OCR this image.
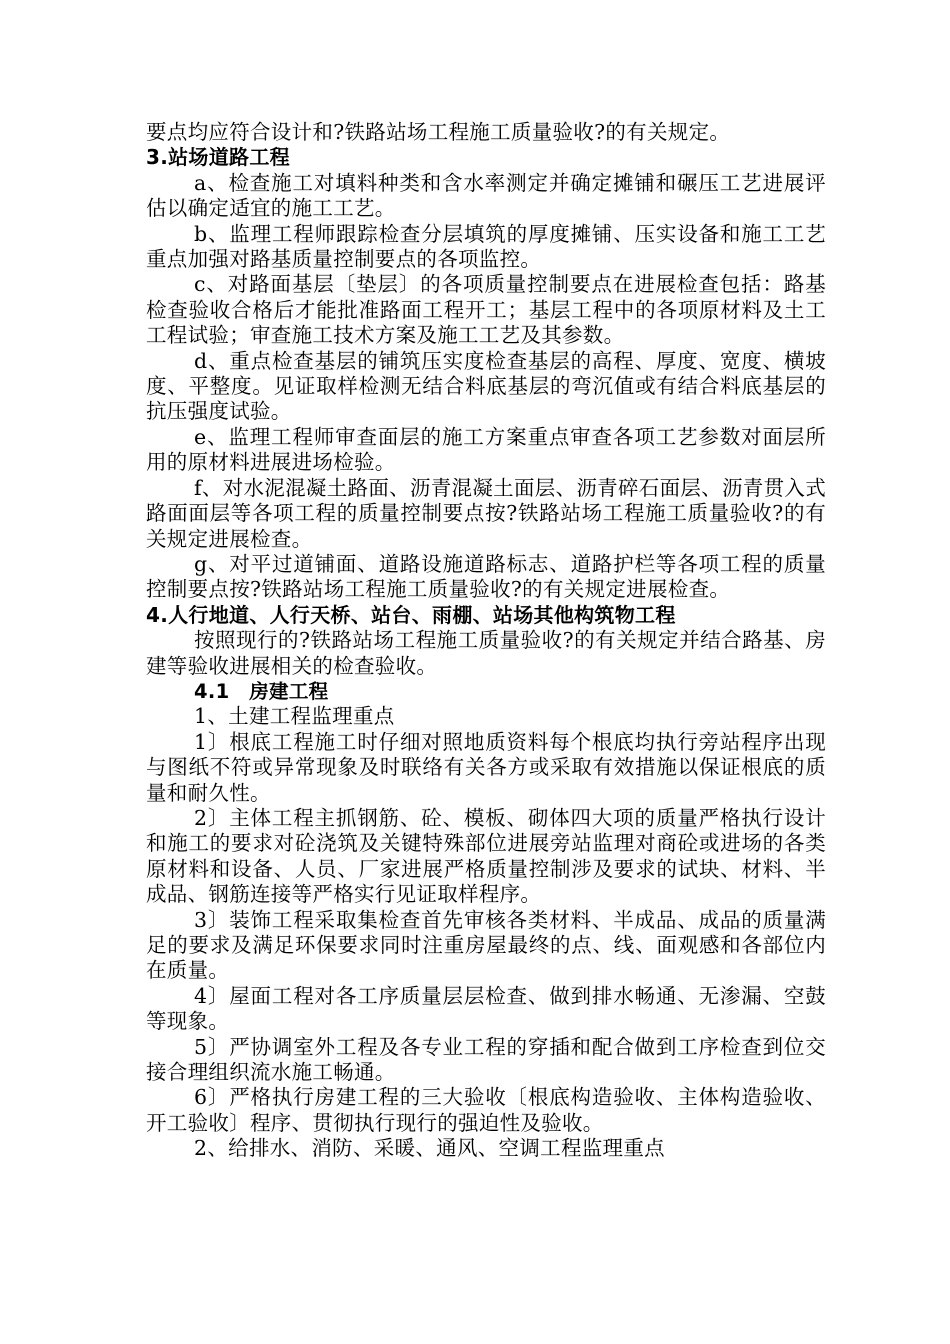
要点均应符合设计和?铁路站场工程施工质量验收?的有关规定。

3.站场道路工程

a、检查施工对填料种类和含水率测定并确定摊铺和碾压工艺进展评估以确定适宜的施工工艺。

b、监理工程师跟踪检查分层填筑的厚度摊铺、压实设备和施工工艺重点加强对路基质量控制要点的各项监控。

c、对路面基层〔垫层〕的各项质量控制要点在进展检查包括：路基检查验收合格后才能批准路面工程开工；基层工程中的各项原材料及土工工程试验；审查施工技术方案及施工工艺及其参数。

d、重点检查基层的铺筑压实度检查基层的高程、厚度、宽度、横坡度、平整度。见证取样检测无结合料底基层的弯沉值或有结合料底基层的抗压强度试验。

e、监理工程师审查面层的施工方案重点审查各项工艺参数对面层所用的原材料进展进场检验。

f、对水泥混凝土路面、沥青混凝土面层、沥青碎石面层、沥青贯入式路面面层等各项工程的质量控制要点按?铁路站场工程施工质量验收?的有关规定进展检查。

g、对平过道铺面、道路设施道路标志、道路护栏等各项工程的质量控制要点按?铁路站场工程施工质量验收?的有关规定进展检查。

4.人行地道、人行天桥、站台、雨棚、站场其他构筑物工程

按照现行的?铁路站场工程施工质量验收?的有关规定并结合路基、房建等验收进展相关的检查验收。

4.1　房建工程

1、土建工程监理重点

1〕根底工程施工时仔细对照地质资料每个根底均执行旁站程序出现与图纸不符或异常现象及时联络有关各方或采取有效措施以保证根底的质量和耐久性。

2〕主体工程主抓钢筋、砼、模板、砌体四大项的质量严格执行设计和施工的要求对砼浇筑及关键特殊部位进展旁站监理对商砼或进场的各类原材料和设备、人员、厂家进展严格质量控制涉及要求的试块、材料、半成品、钢筋连接等严格实行见证取样程序。

3〕装饰工程采取集检查首先审核各类材料、半成品、成品的质量满足的要求及满足环保要求同时注重房屋最终的点、线、面观感和各部位内在质量。

4〕屋面工程对各工序质量层层检查、做到排水畅通、无渗漏、空鼓等现象。

5〕严协调室外工程及各专业工程的穿插和配合做到工序检查到位交接合理组织流水施工畅通。

6〕严格执行房建工程的三大验收〔根底构造验收、主体构造验收、开工验收〕程序、贯彻执行现行的强迫性及验收。

2、给排水、消防、采暖、通风、空调工程监理重点
